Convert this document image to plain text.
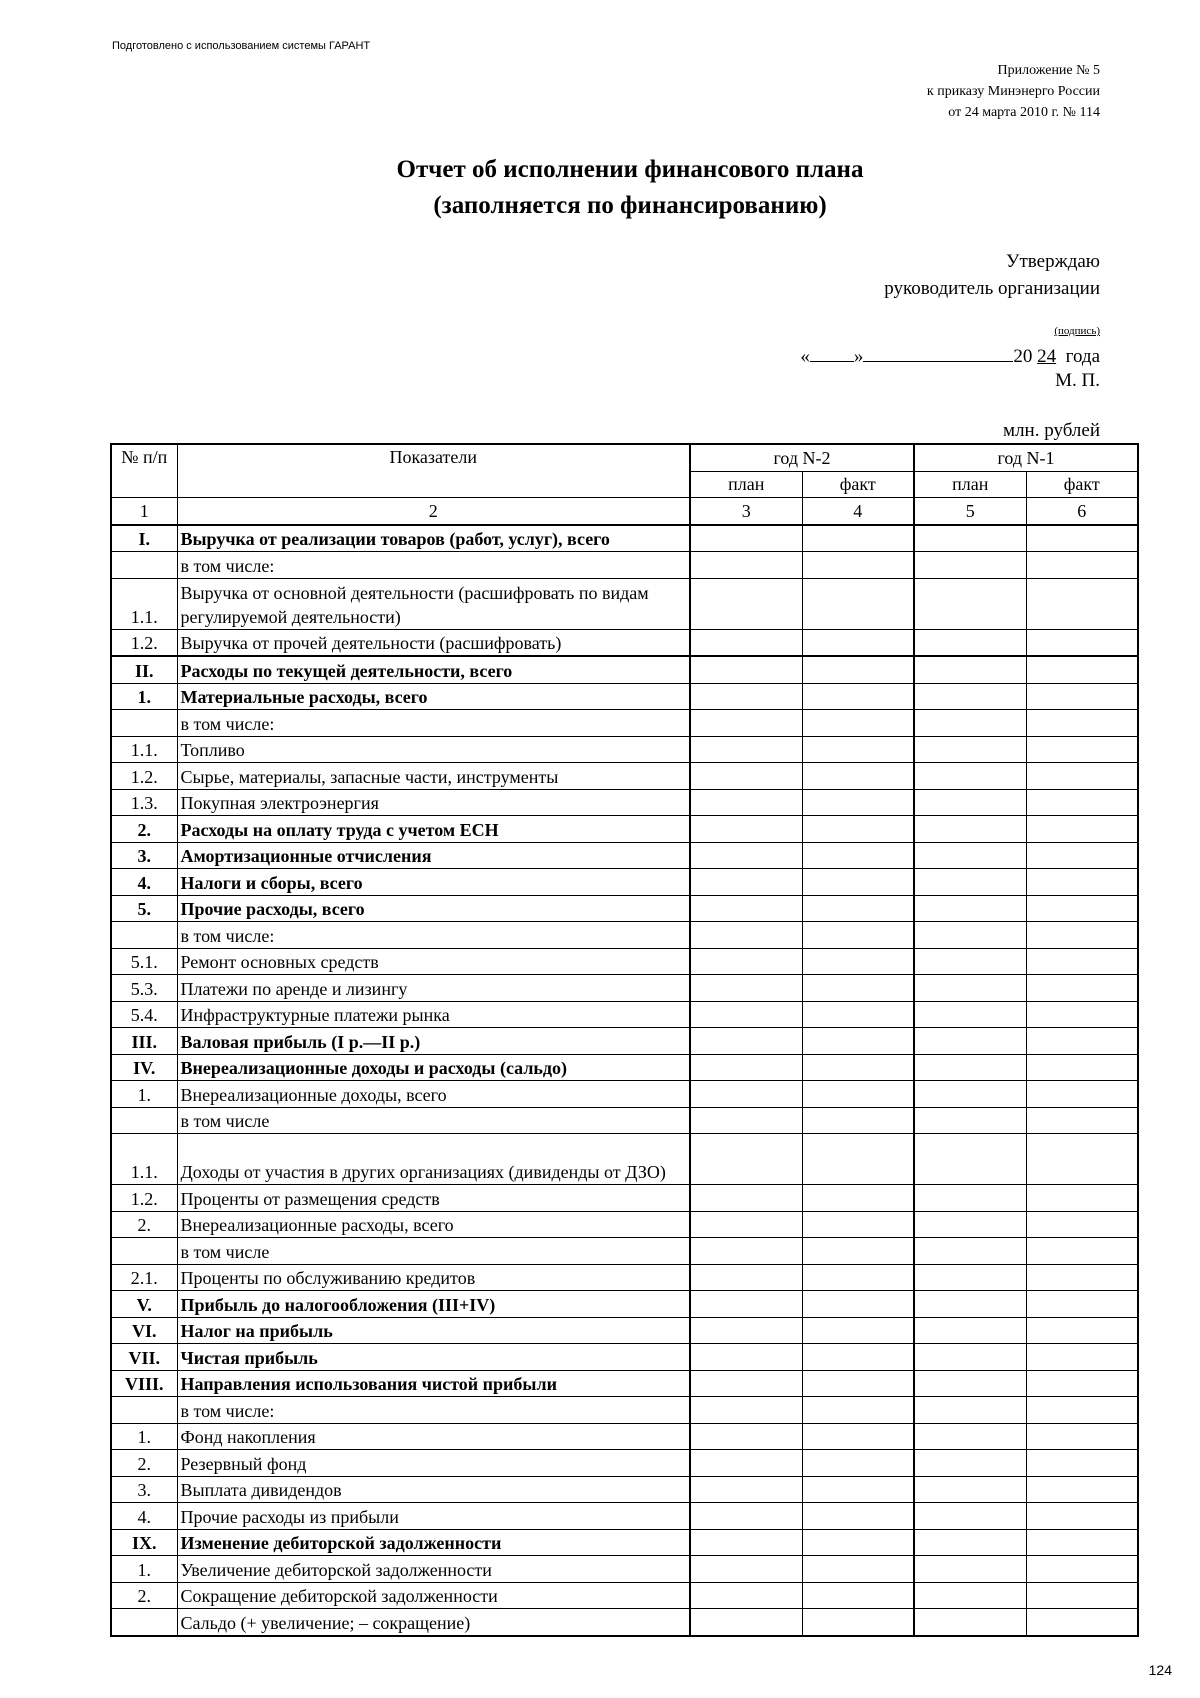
Подготовлено с использованием системы ГАРАНТ
Приложение № 5
к приказу Минэнерго России
от 24 марта 2010 г. № 114
Отчет об исполнении финансового плана
(заполняется по финансированию)
Утверждаю
руководитель организации
(подпись)
« »	20 24 года
М. П.
млн. рублей
№ п/п	Показатели	год N-2		год N-1	
		план	факт	план	факт
1	2	3	4	5	6
I.	Выручка от реализации товаров (работ, услуг), всего				
	в том числе:				
1.1.	Выручка от основной деятельности (расшифровать по видам регулируемой деятельности)				
1.2.	Выручка от прочей деятельности (расшифровать)				
II.	Расходы по текущей деятельности, всего				
1.	Материальные расходы, всего				
	в том числе:				
1.1.	Топливо				
1.2.	Сырье, материалы, запасные части, инструменты				
1.3.	Покупная электроэнергия				
2.	Расходы на оплату труда с учетом ЕСН				
3.	Амортизационные отчисления				
4.	Налоги и сборы, всего				
5.	Прочие расходы, всего				
	в том числе:				
5.1.	Ремонт основных средств				
5.3.	Платежи по аренде и лизингу				
5.4.	Инфраструктурные платежи рынка				
III.	Валовая прибыль (I р.—II р.)				
IV.	Внереализационные доходы и расходы (сальдо)				
1.	Внереализационные доходы, всего				
	в том числе				
1.1.	Доходы от участия в других организациях (дивиденды от ДЗО)				
1.2.	Проценты от размещения средств				
2.	Внереализационные расходы, всего				
	в том числе				
2.1.	Проценты по обслуживанию кредитов				
V.	Прибыль до налогообложения (III+IV)				
VI.	Налог на прибыль				
VII.	Чистая прибыль				
VIII.	Направления использования чистой прибыли				
	в том числе:				
1.	Фонд накопления				
2.	Резервный фонд				
3.	Выплата дивидендов				
4.	Прочие расходы из прибыли				
IX.	Изменение дебиторской задолженности				
1.	Увеличение дебиторской задолженности				
2.	Сокращение дебиторской задолженности				
	Сальдо (+ увеличение; – сокращение)				
124
